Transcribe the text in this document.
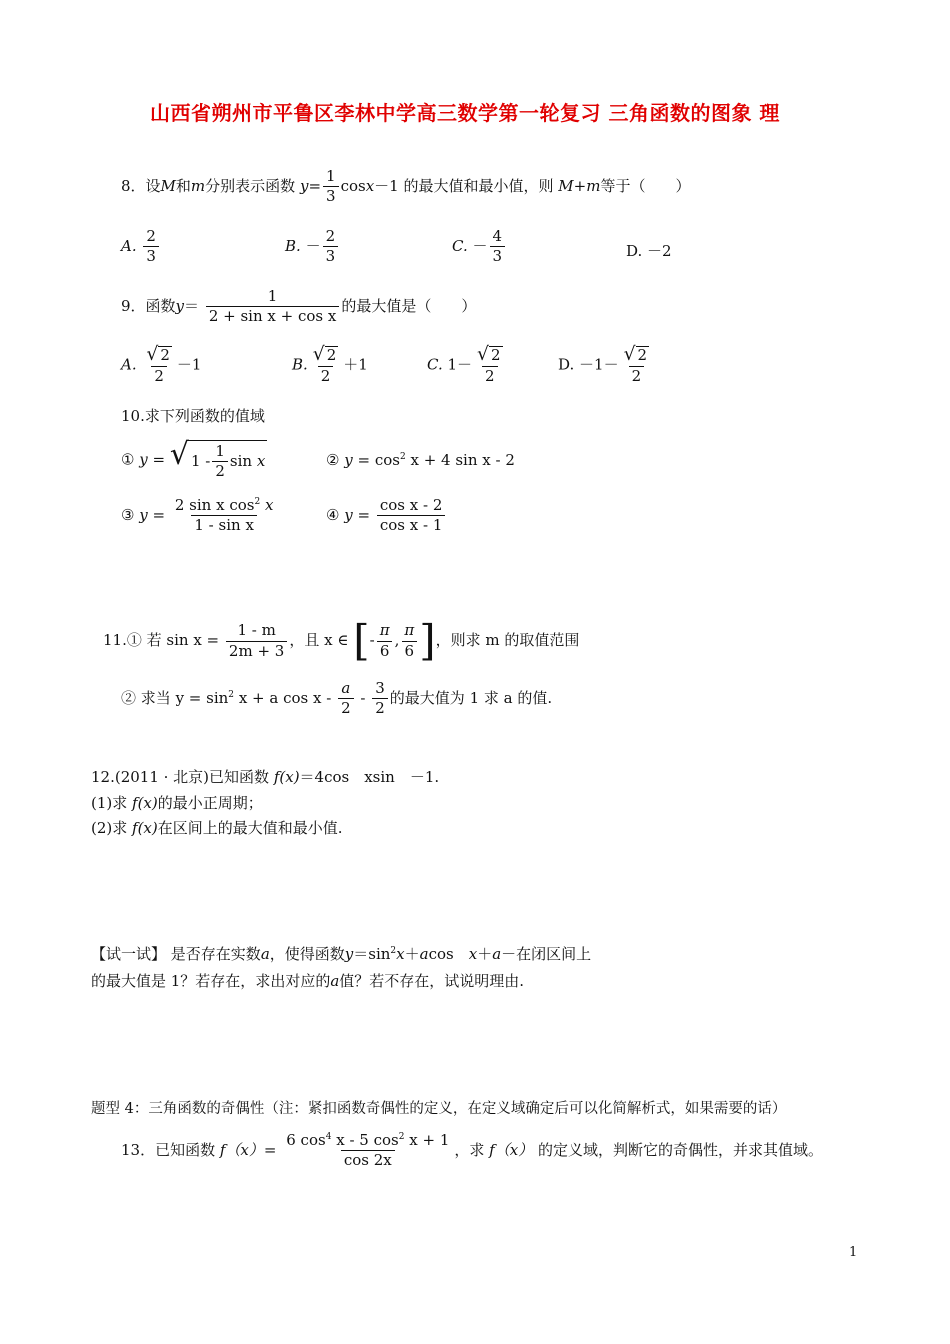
山西省朔州市平鲁区李林中学高三数学第一轮复习 三角函数的图象 理
8．设M和m分别表示函数 $y= \frac{1}{3} \cos x-1$ 的最大值和最小值，则 M+m等于（　　）
A. $\frac{2}{3}$	B. － $\frac{2}{3}$	C. － $\frac{4}{3}$	D. －2
9．函数$y= \frac{1}{\text{2 + sin x + cos x}}$ 的最大值是（　　）
A. $\frac{√ 2}{2} -1$	B. $\frac{√ 2}{2} +1$	C. $1- \frac{√ 2}{2}$	D. $-1- \frac{√ 2}{2}$
10.求下列函数的值域
① y = √ $1 - \frac{1}{2}$ sin x	② $y = \cos^2 x + 4$ sin x - 2
③ $y = \frac{2 \sin x \cos^2 x}{\text{1 - sin x}}$	④ $y = \frac{\text{cos x - 2}}{\text{cos x - 1}}$
11.① 若 $\sin x = \frac{1 - m}{2m + 3}$ ，且 x ∈ [- $\frac{\pi}{6}$ , $\frac{\pi}{6}$ ]，则求 m 的取值范围
② 求当 $y = \sin^2 x + a$ cos x - $\frac{a}{2} - \frac{3}{2}$ 的最大值为 1 求 a 的值.
12.(2011 · 北京)已知函数 f(x)＝4cos　xsin　－1.
(1)求 f(x)的最小正周期；
(2)求 f(x)在区间上的最大值和最小值.
【试一试】 是否存在实数a，使得函数$y=\sin^2x+acos$　x＋a－在闭区间上
的最大值是 1？若存在，求出对应的a值？若不存在，试说明理由.
题型 4：三角函数的奇偶性（注：紧扣函数奇偶性的定义，在定义域确定后可以化简解析式，如果需要的话）
13．已知函数 $f(x)= \frac{6 \cos^4 x - 5 \cos^2 x + 1}{\cos 2x}$ ，求 f（x） 的定义域，判断它的奇偶性，并求其值域。
1
